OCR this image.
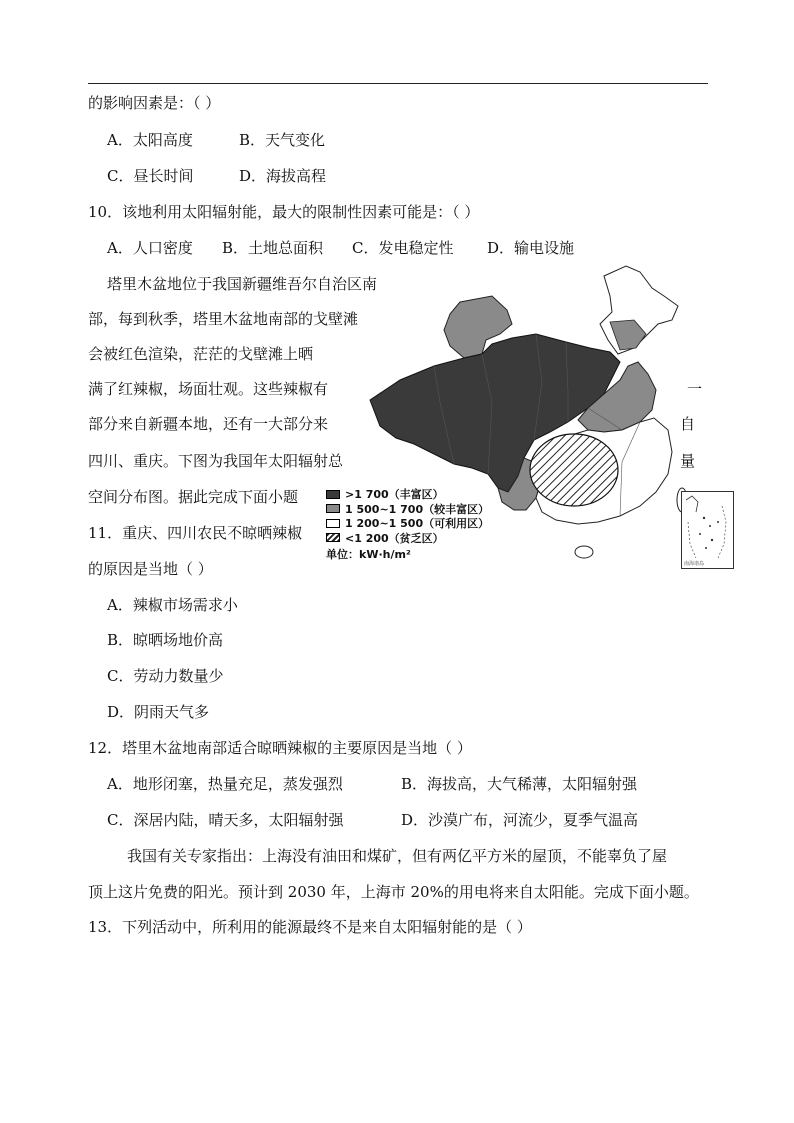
的影响因素是：（ ）
A．太阳高度	B．天气变化
C．昼长时间	D．海拔高程
10．该地利用太阳辐射能，最大的限制性因素可能是：（ ）
A．人口密度 B．土地总面积 C．发电稳定性 D．输电设施
塔里木盆地位于我国新疆维吾尔自治区南
部，每到秋季，塔里木盆地南部的戈壁滩
会被红色渲染，茫茫的戈壁滩上晒
满了红辣椒，场面壮观。这些辣椒有
部分来自新疆本地，还有一大部分来
四川、重庆。下图为我国年太阳辐射总
空间分布图。据此完成下面小题
一
自
量
>1 700（丰富区）
1 500~1 700（较丰富区）
1 200~1 500（可利用区）
<1 200（贫乏区）
单位：kW·h/m²
南海诸岛
11．重庆、四川农民不晾晒辣椒
的原因是当地（ ）
A．辣椒市场需求小
B．晾晒场地价高
C．劳动力数量少
D．阴雨天气多
12．塔里木盆地南部适合晾晒辣椒的主要原因是当地（ ）
A．地形闭塞，热量充足，蒸发强烈	B．海拔高，大气稀薄，太阳辐射强
C．深居内陆，晴天多，太阳辐射强	D．沙漠广布，河流少，夏季气温高
我国有关专家指出：上海没有油田和煤矿，但有两亿平方米的屋顶，不能辜负了屋
顶上这片免费的阳光。预计到 2030 年，上海市 20%的用电将来自太阳能。完成下面小题。
13．下列活动中，所利用的能源最终不是来自太阳辐射能的是（ ）
